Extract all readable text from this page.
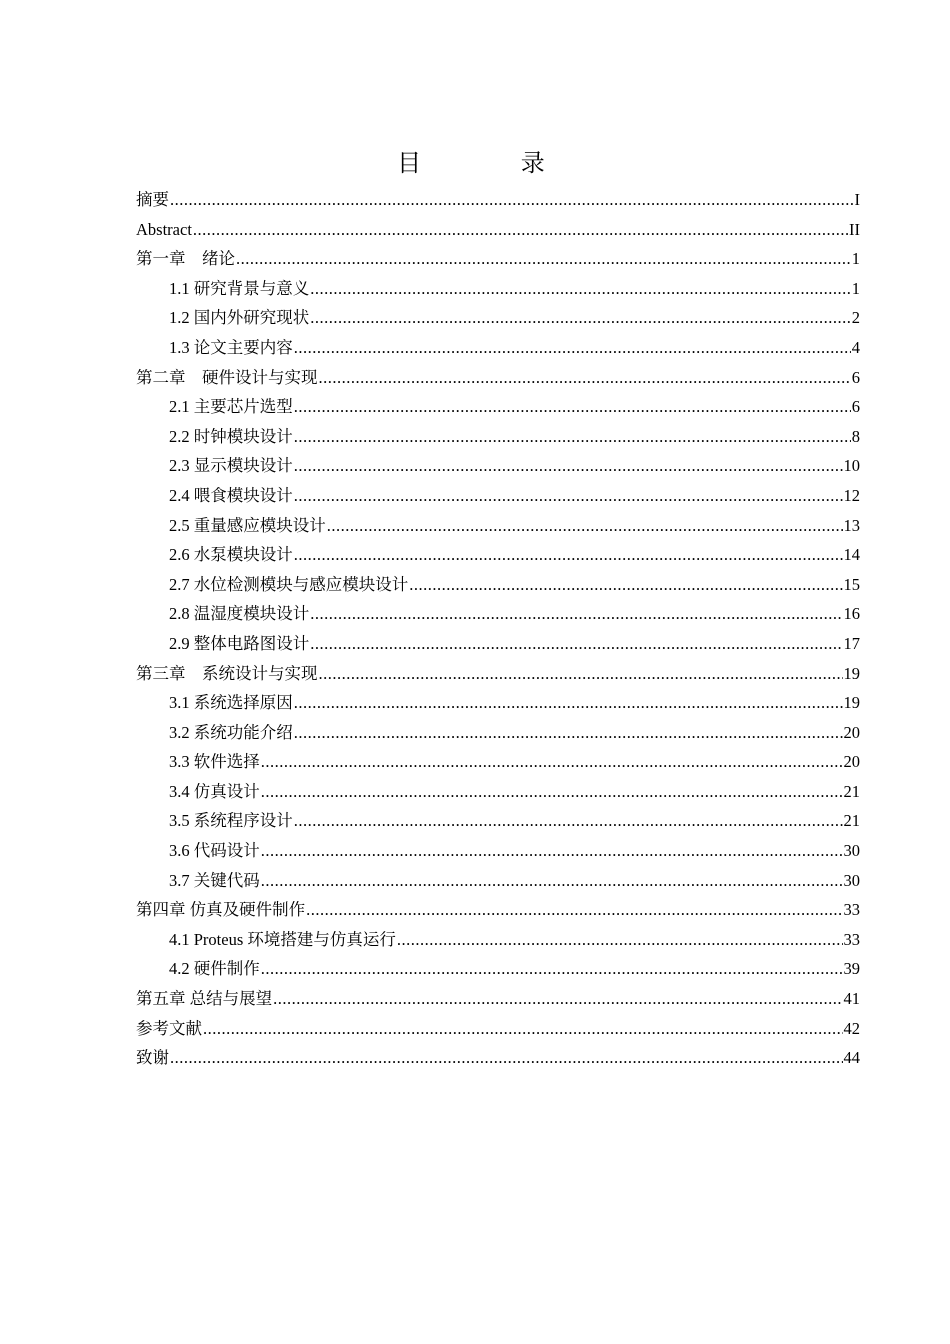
目 录
摘要 .....	I
Abstract .....	II
第一章　绪论 .....	1
1.1 研究背景与意义 .....	1
1.2 国内外研究现状 .....	2
1.3 论文主要内容 .....	4
第二章　硬件设计与实现 .....	6
2.1 主要芯片选型 .....	6
2.2 时钟模块设计 .....	8
2.3 显示模块设计 .....	10
2.4 喂食模块设计 .....	12
2.5 重量感应模块设计 .....	13
2.6 水泵模块设计 .....	14
2.7 水位检测模块与感应模块设计 .....	15
2.8 温湿度模块设计 .....	16
2.9 整体电路图设计 .....	17
第三章　系统设计与实现 .....	19
3.1 系统选择原因 .....	19
3.2 系统功能介绍 .....	20
3.3 软件选择 .....	20
3.4 仿真设计 .....	21
3.5 系统程序设计 .....	21
3.6 代码设计 .....	30
3.7 关键代码 .....	30
第四章 仿真及硬件制作 .....	33
4.1 Proteus 环境搭建与仿真运行 .....	33
4.2 硬件制作 .....	39
第五章 总结与展望 .....	41
参考文献 .....	42
致谢 .....	44
